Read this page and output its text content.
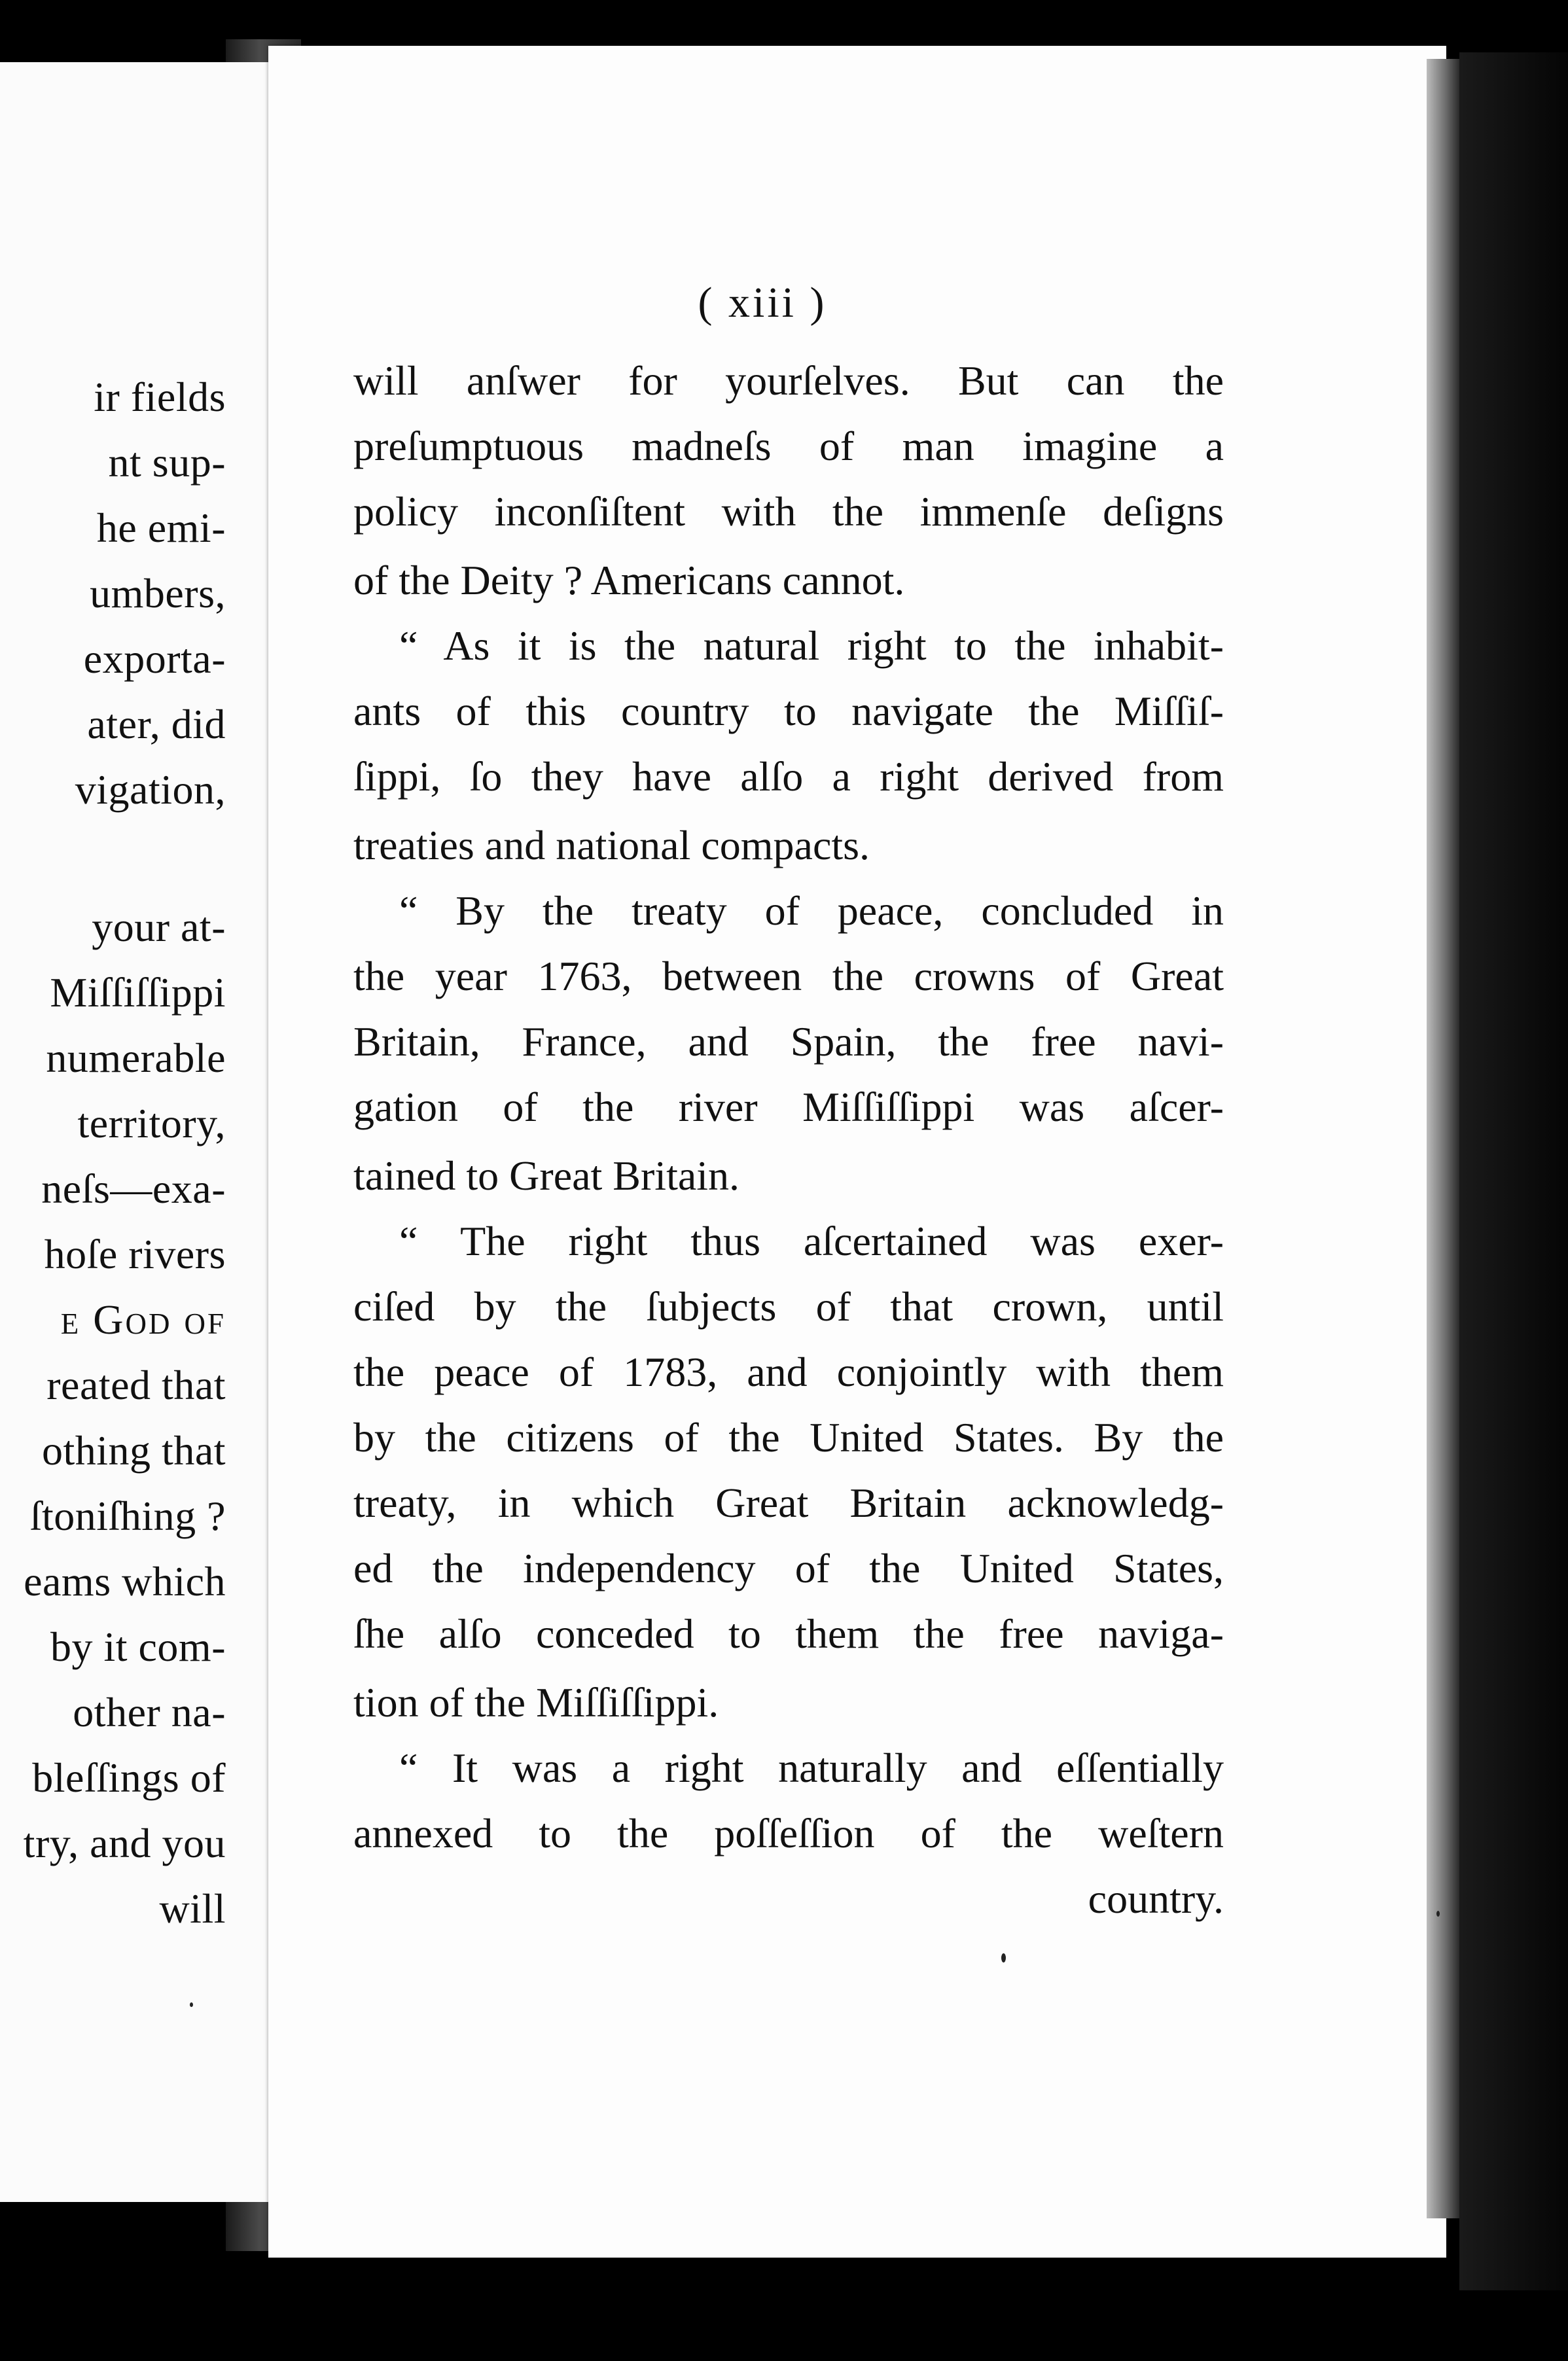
ir fields
nt sup-
he emi-
umbers,
exporta-
ater, did
vigation,
your at-
Miſſiſſippi
numerable
territory,
neſs—exa-
hoſe rivers
e God of
reated that
othing that
ſtoniſhing ?
eams which
by it com-
other na-
bleſſings of
try, and you
will
( xiii )
will anſwer for yourſelves. But can the
preſumptuous madneſs of man imagine a
policy inconſiſtent with the immenſe deſigns
of the Deity ? Americans cannot.
“ As it is the natural right to the inhabit-
ants of this country to navigate the Miſſiſ-
ſippi, ſo they have alſo a right derived from
treaties and national compacts.
“ By the treaty of peace, concluded in
the year 1763, between the crowns of Great
Britain, France, and Spain, the free navi-
gation of the river Miſſiſſippi was aſcer-
tained to Great Britain.
“ The right thus aſcertained was exer-
ciſed by the ſubjects of that crown, until
the peace of 1783, and conjointly with them
by the citizens of the United States. By the
treaty, in which Great Britain acknowledg-
ed the independency of the United States,
ſhe alſo conceded to them the free naviga-
tion of the Miſſiſſippi.
“ It was a right naturally and eſſentially
annexed to the poſſeſſion of the weſtern
country.
